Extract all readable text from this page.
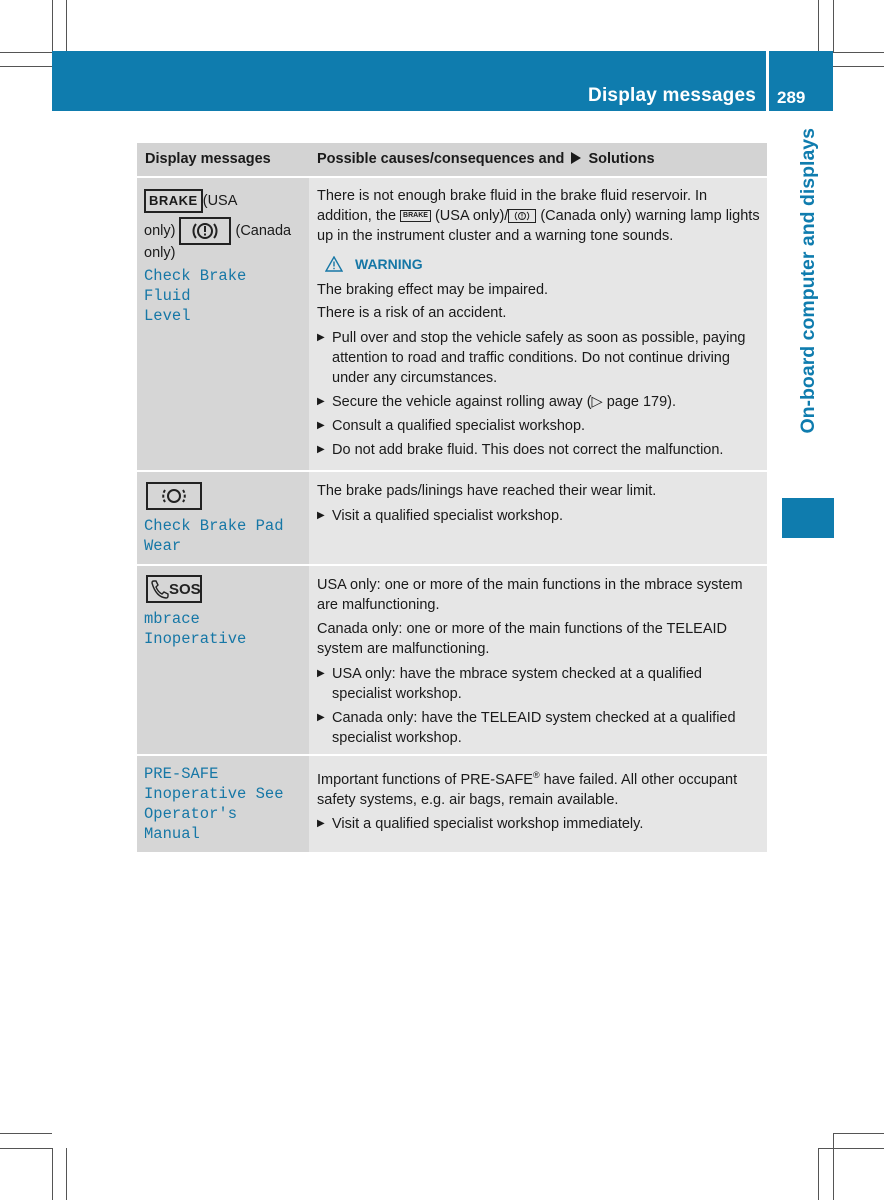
Display messages 289
On-board computer and displays
Display messages	Possible causes/consequences and Solutions
BRAKE (USA
only)	(Canada
only)
Check Brake Fluid
Level

There is not enough brake fluid in the brake fluid reservoir. In addition, the BRAKE (USA only)/ (Canada only) warning lamp lights up in the instrument cluster and a warning tone sounds.

WARNING

The braking effect may be impaired.

There is a risk of an accident.

▶ Pull over and stop the vehicle safely as soon as possible, paying attention to road and traffic conditions. Do not continue driving under any circumstances.
▶ Secure the vehicle against rolling away (▷ page 179).
▶ Consult a qualified specialist workshop.
▶ Do not add brake fluid. This does not correct the malfunction.
Check Brake Pad
Wear

The brake pads/linings have reached their wear limit.

▶ Visit a qualified specialist workshop.
SOS
mbrace Inoperative

USA only: one or more of the main functions in the mbrace system are malfunctioning.

Canada only: one or more of the main functions of the TELEAID system are malfunctioning.

▶ USA only: have the mbrace system checked at a qualified specialist workshop.
▶ Canada only: have the TELEAID system checked at a qualified specialist workshop.
PRE-SAFE
Inoperative See
Operator's Manual

Important functions of PRE-SAFE® have failed. All other occupant safety systems, e.g. air bags, remain available.

▶ Visit a qualified specialist workshop immediately.
